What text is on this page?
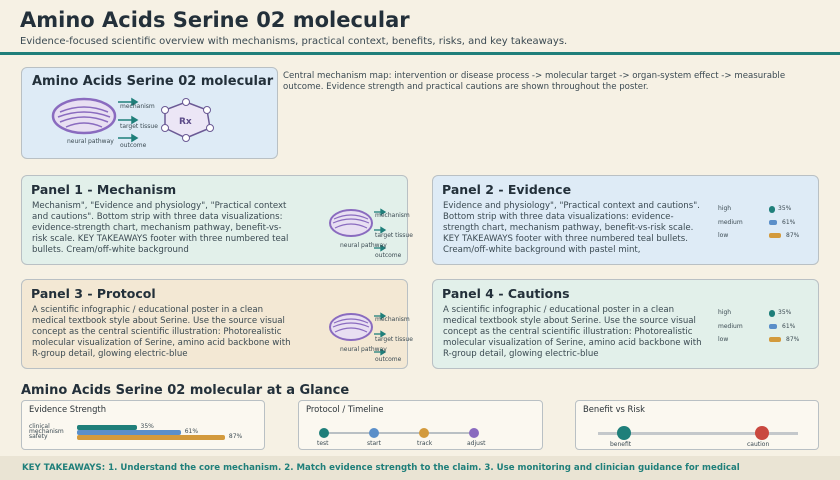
Amino Acids Serine 02 molecular
Evidence-focused scientific overview with mechanisms, practical context, benefits, risks, and key takeaways.
Amino Acids Serine 02 molecular
mechanism
target tissue
outcome
neural pathway
Rx
Central mechanism map: intervention or disease process -> molecular target -> organ-system effect -> measurable outcome. Evidence strength and practical cautions are shown throughout the poster.
Panel 1 - Mechanism
Mechanism", "Evidence and physiology", "Practical context and cautions". Bottom strip with three data visualizations: evidence-strength chart, mechanism pathway, benefit-vs-risk scale. KEY TAKEAWAYS footer with three numbered teal bullets. Cream/off-white background
mechanism
target tissue
outcome
neural pathway
Panel 2 - Evidence
Evidence and physiology", "Practical context and cautions". Bottom strip with three data visualizations: evidence-strength chart, mechanism pathway, benefit-vs-risk scale. KEY TAKEAWAYS footer with three numbered teal bullets. Cream/off-white background with pastel mint,
high	35%
medium	61%
low	87%
Panel 3 - Protocol
A scientific infographic / educational poster in a clean medical textbook style about Serine. Use the source visual concept as the central scientific illustration: Photorealistic molecular visualization of Serine, amino acid backbone with R-group detail, glowing electric-blue
mechanism
target tissue
outcome
neural pathway
Panel 4 - Cautions
A scientific infographic / educational poster in a clean medical textbook style about Serine. Use the source visual concept as the central scientific illustration: Photorealistic molecular visualization of Serine, amino acid backbone with R-group detail, glowing electric-blue
high	35%
medium	61%
low	87%
Amino Acids Serine 02 molecular at a Glance
Evidence Strength
clinical	35%
mechanism	61%
safety	87%
Protocol / Timeline
test	start	track	adjust
Benefit vs Risk
benefit	caution
KEY TAKEAWAYS: 1. Understand the core mechanism. 2. Match evidence strength to the claim. 3. Use monitoring and clinician guidance for medical
